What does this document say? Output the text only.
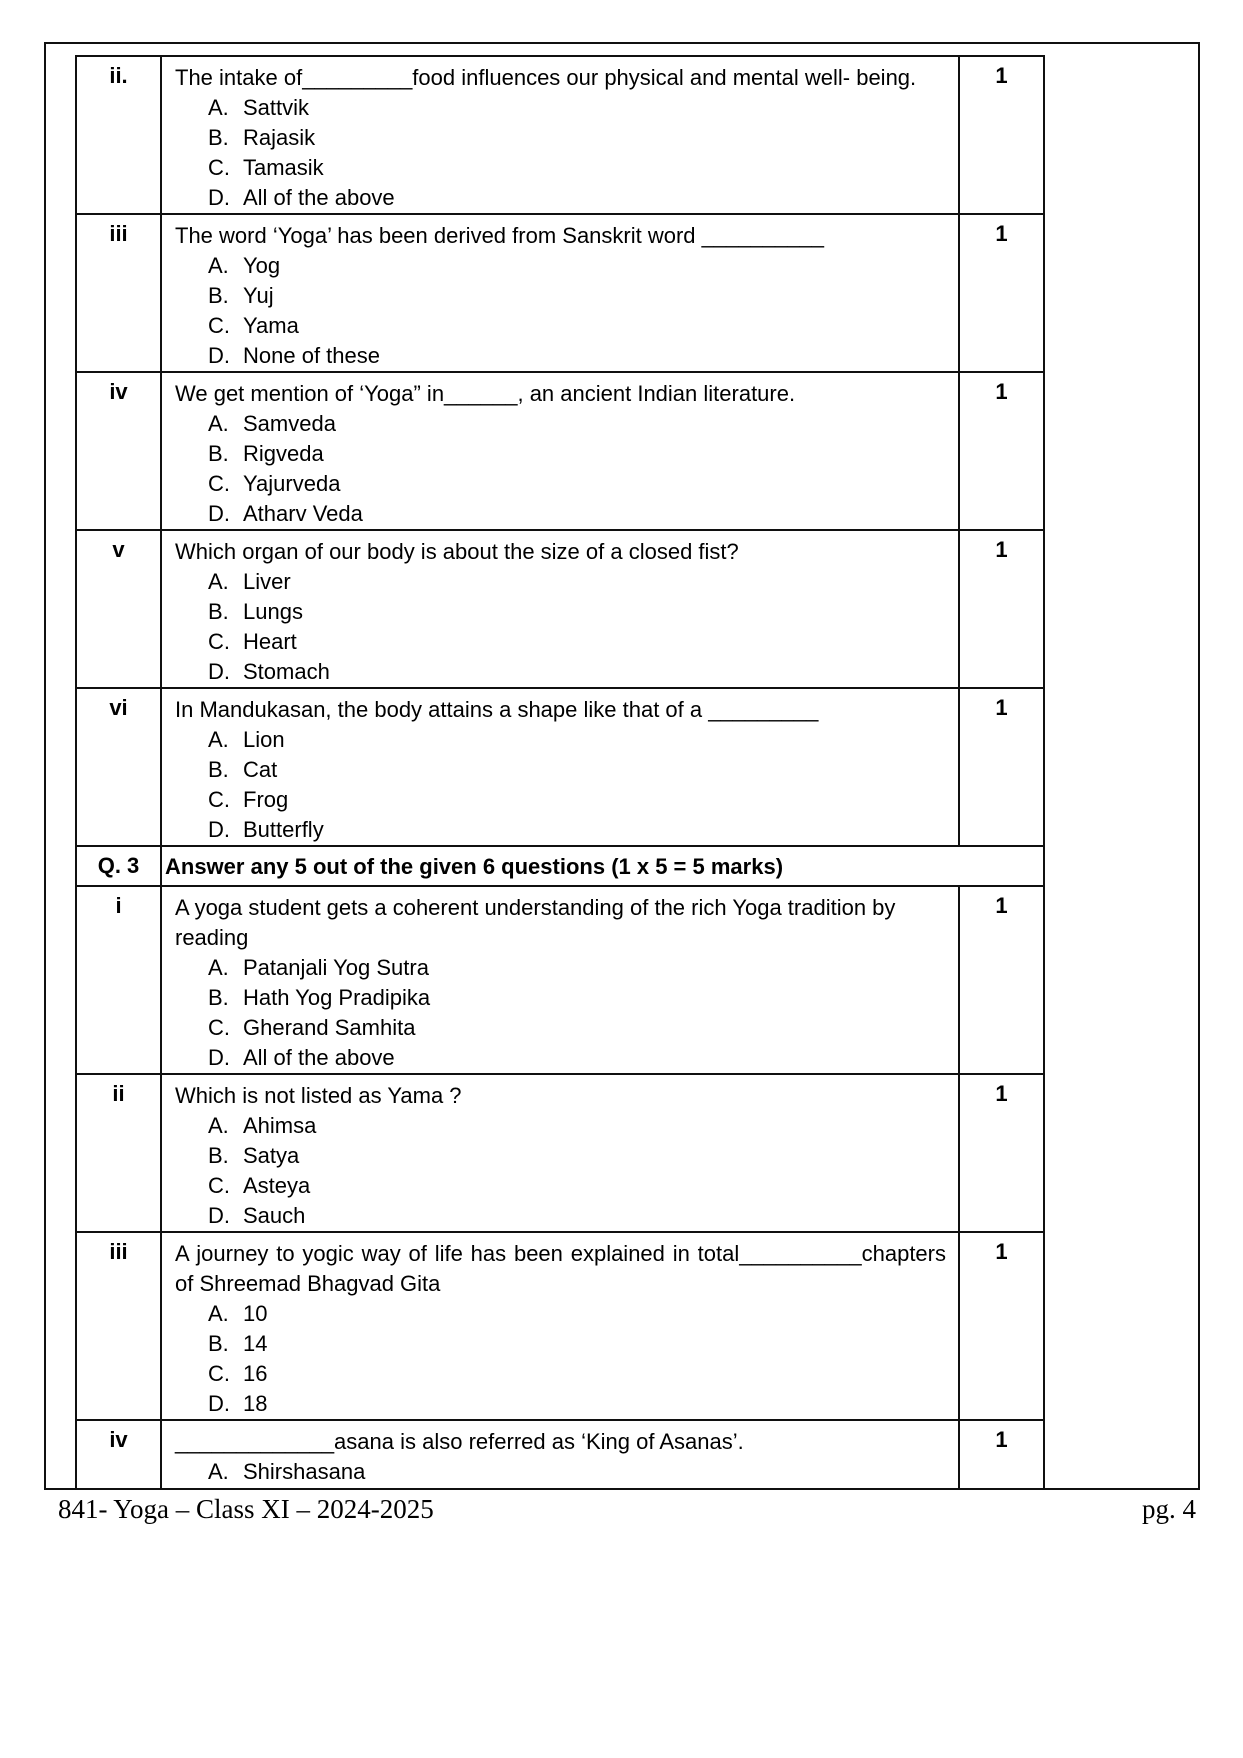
ii.	The intake of_________food influences our physical and mental well- being.
A. Sattvik
B. Rajasik
C. Tamasik
D. All of the above
	1
iii	The word ‘Yoga’ has been derived from Sanskrit word __________
A. Yog
B. Yuj
C. Yama
D. None of these
	1
iv	We get mention of ‘Yoga” in______, an ancient Indian literature.
A. Samveda
B. Rigveda
C. Yajurveda
D. Atharv Veda
	1
v	Which organ of our body is about the size of a closed fist?
A. Liver
B. Lungs
C. Heart
D. Stomach
	1
vi	In Mandukasan, the body attains a shape like that of a _________
A. Lion
B. Cat
C. Frog
D. Butterfly
	1
Q. 3	Answer any 5 out of the given 6 questions (1 x 5 = 5 marks)	
i	A yoga student gets a coherent understanding of the rich Yoga tradition by reading
A. Patanjali Yog Sutra
B. Hath Yog Pradipika
C. Gherand Samhita
D. All of the above
	1
ii	Which is not listed as Yama ?
A. Ahimsa
B. Satya
C. Asteya
D. Sauch
	1
iii	A journey to yogic way of life has been explained in total__________chapters of Shreemad Bhagvad Gita
A. 10
B. 14
C. 16
D. 18
	1
iv	_____________asana is also referred as ‘King of Asanas’.
A. Shirshasana	1
841- Yoga – Class XI – 2024-2025	pg. 4
